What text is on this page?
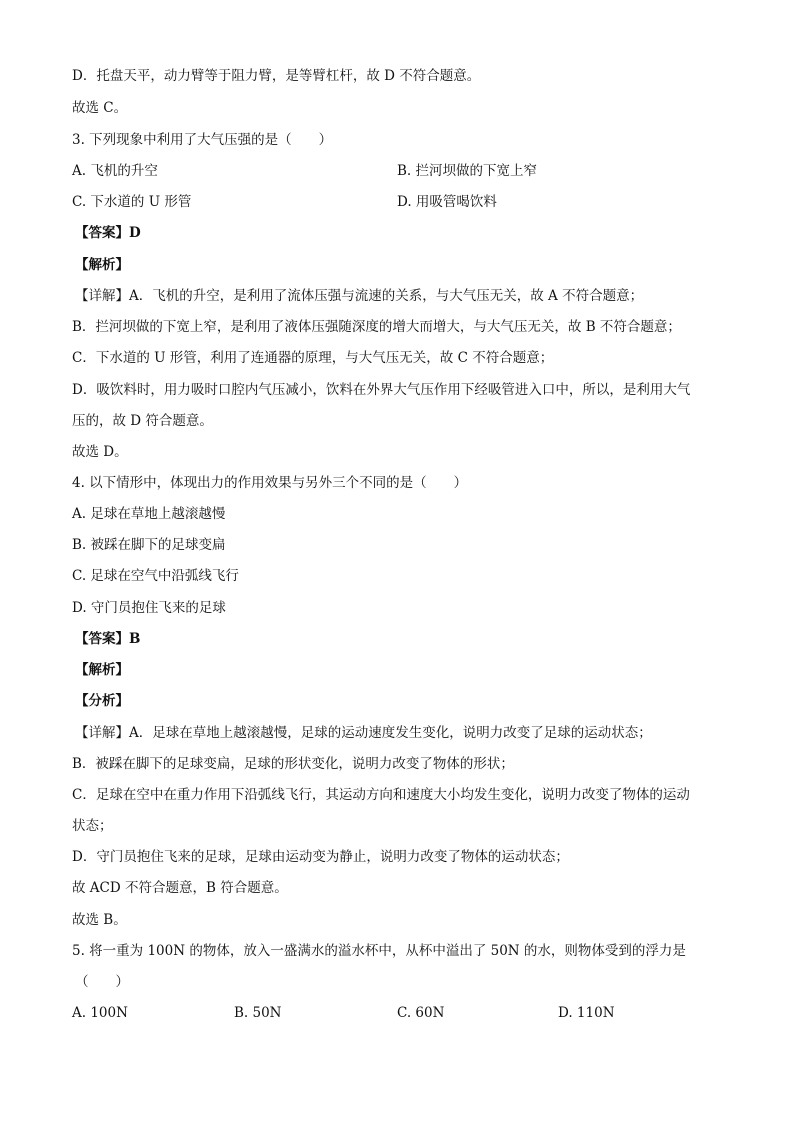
D．托盘天平，动力臂等于阻力臂，是等臂杠杆，故 D 不符合题意。
故选 C。
3. 下列现象中利用了大气压强的是（　　）
A. 飞机的升空	B. 拦河坝做的下宽上窄
C. 下水道的 U 形管	D. 用吸管喝饮料
【答案】D
【解析】
【详解】A．飞机的升空，是利用了流体压强与流速的关系，与大气压无关，故 A 不符合题意；
B．拦河坝做的下宽上窄，是利用了液体压强随深度的增大而增大，与大气压无关，故 B 不符合题意；
C．下水道的 U 形管，利用了连通器的原理，与大气压无关，故 C 不符合题意；
D．吸饮料时，用力吸时口腔内气压减小，饮料在外界大气压作用下经吸管进入口中，所以，是利用大气
压的，故 D 符合题意。
故选 D。
4. 以下情形中，体现出力的作用效果与另外三个不同的是（　　）
A. 足球在草地上越滚越慢
B. 被踩在脚下的足球变扁
C. 足球在空气中沿弧线飞行
D. 守门员抱住飞来的足球
【答案】B
【解析】
【分析】
【详解】A．足球在草地上越滚越慢，足球的运动速度发生变化，说明力改变了足球的运动状态；
B．被踩在脚下的足球变扁，足球的形状变化，说明力改变了物体的形状；
C．足球在空中在重力作用下沿弧线飞行，其运动方向和速度大小均发生变化，说明力改变了物体的运动
状态；
D．守门员抱住飞来的足球，足球由运动变为静止，说明力改变了物体的运动状态；
故 ACD 不符合题意，B 符合题意。
故选 B。
5. 将一重为 100N 的物体，放入一盛满水的溢水杯中，从杯中溢出了 50N 的水，则物体受到的浮力是
（　　）
A. 100N	B. 50N	C. 60N	D. 110N
